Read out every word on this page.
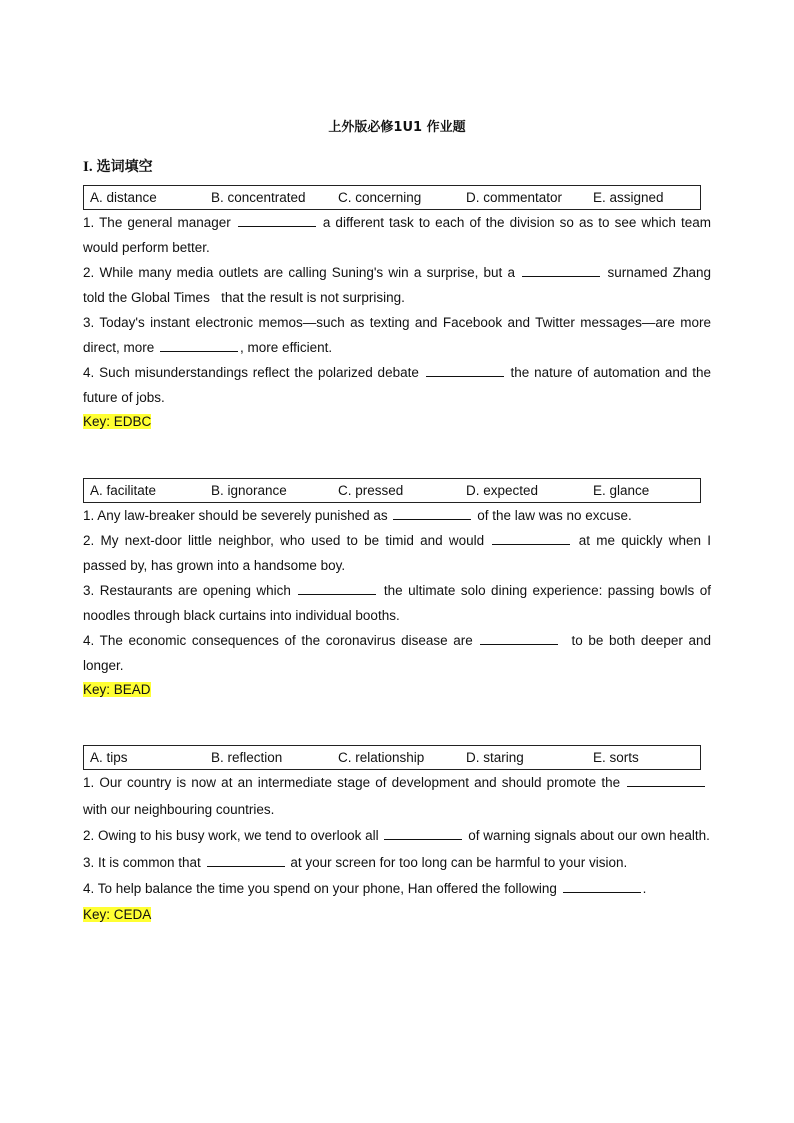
上外版必修1U1 作业题
I. 选词填空
A. distance	B. concentrated C. concerning	D. commentator E. assigned

1. The general manager	a different task to each of the division so as to see which team would perform better.

2. While many media outlets are calling Suning's win a surprise, but a	surnamed Zhang told the Global Times   that the result is not surprising.

3. Today's instant electronic memos—such as texting and Facebook and Twitter messages—are more direct, more	, more efficient.

4. Such misunderstandings reflect the polarized debate	the nature of automation and the future of jobs.

Key: EDBC

A. facilitate	B. ignorance	C. pressed	D. expected	E. glance

1. Any law-breaker should be severely punished as	of the law was no excuse.

2. My next-door little neighbor, who used to be timid and would	at me quickly when I passed by, has grown into a handsome boy.

3. Restaurants are opening which	the ultimate solo dining experience: passing bowls of noodles through black curtains into individual booths.

4. The economic consequences of the coronavirus disease are	to be both deeper and longer.

Key: BEAD

A. tips	B. reflection	C. relationship	D. staring	E. sorts

1. Our country is now at an intermediate stage of development and should promote the	with our neighbouring countries.

2. Owing to his busy work, we tend to overlook all	of warning signals about our own health.

3. It is common that	at your screen for too long can be harmful to your vision.

4. To help balance the time you spend on your phone, Han offered the following	.

Key: CEDA
